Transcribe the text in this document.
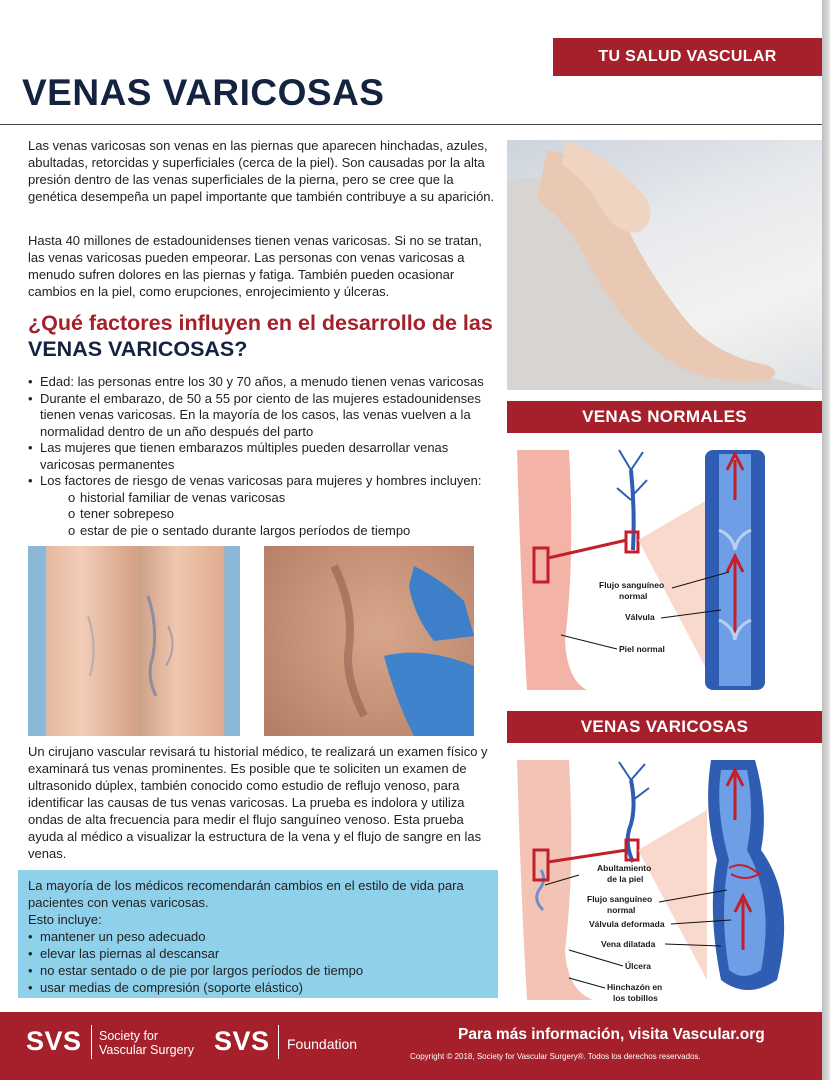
TU SALUD VASCULAR
VENAS VARICOSAS

Las venas varicosas son venas en las piernas que aparecen hinchadas, azules, abultadas, retorcidas y superficiales (cerca de la piel). Son causadas por la alta presión dentro de las venas superficiales de la pierna, pero se cree que la genética desempeña un papel importante que también contribuye a su aparición.

Hasta 40 millones de estadounidenses tienen venas varicosas. Si no se tratan, las venas varicosas pueden empeorar. Las personas con venas varicosas a menudo sufren dolores en las piernas y fatiga. También pueden ocasionar cambios en la piel, como erupciones, enrojecimiento y úlceras.

¿Qué factores influyen en el desarrollo de las VENAS VARICOSAS?
• Edad: las personas entre los 30 y 70 años, a menudo tienen venas varicosas
• Durante el embarazo, de 50 a 55 por ciento de las mujeres estadounidenses tienen venas varicosas. En la mayoría de los casos, las venas vuelven a la normalidad dentro de un año después del parto
• Las mujeres que tienen embarazos múltiples pueden desarrollar venas varicosas permanentes
• Los factores de riesgo de venas varicosas para mujeres y hombres incluyen:
o historial familiar de venas varicosas
o tener sobrepeso
o estar de pie o sentado durante largos períodos de tiempo

Un cirujano vascular revisará tu historial médico, te realizará un examen físico y examinará tus venas prominentes. Es posible que te soliciten un examen de ultrasonido dúplex, también conocido como estudio de reflujo venoso, para identificar las causas de tus venas varicosas. La prueba es indolora y utiliza ondas de alta frecuencia para medir el flujo sanguíneo venoso. Esta prueba ayuda al médico a visualizar la estructura de la vena y el flujo de sangre en las venas.

La mayoría de los médicos recomendarán cambios en el estilo de vida para pacientes con venas varicosas.

Esto incluye:

• mantener un peso adecuado
• elevar las piernas al descansar
• no estar sentado o de pie por largos períodos de tiempo
• usar medias de compresión (soporte elástico)
VENAS NORMALES
Flujo sanguíneo
normal
Válvula
Piel normal
VENAS VARICOSAS
Abultamiento
de la piel
Flujo sanguíneo
normal
Válvula deformada
Vena dilatada
Úlcera
Hinchazón en
los tobillos
SVS Society for
Vascular Surgery SVS Foundation
Para más información, visita Vascular.org
Copyright © 2018, Society for Vascular Surgery®. Todos los derechos reservados.
